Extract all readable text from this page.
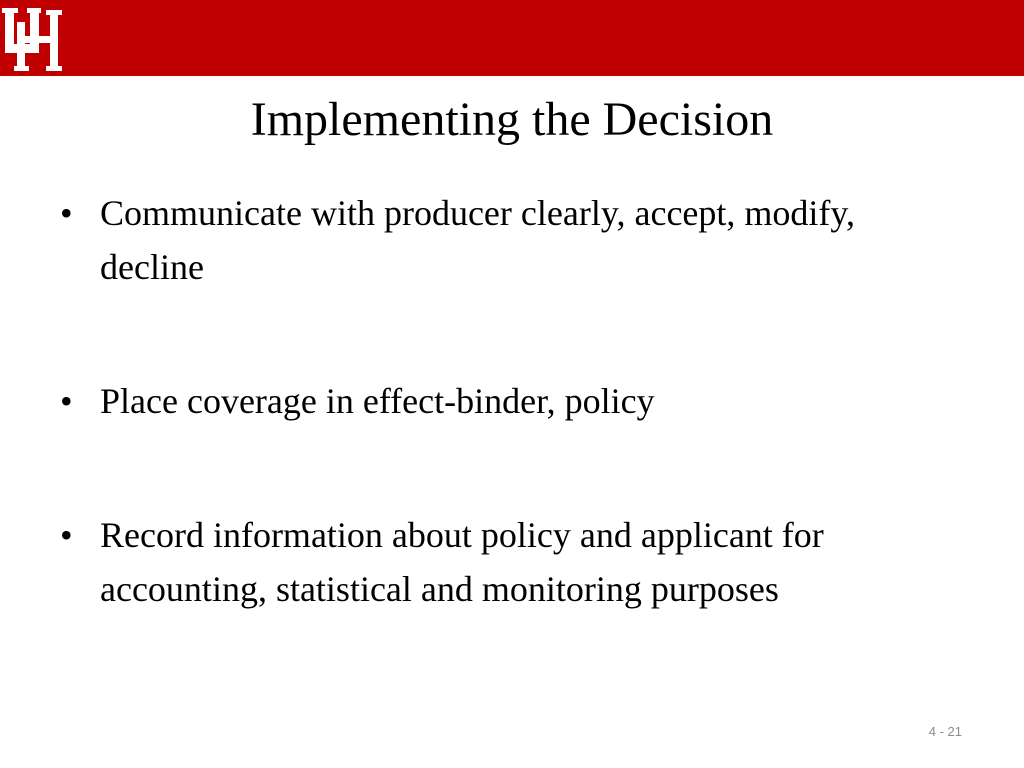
Implementing the Decision
• Communicate with producer clearly, accept, modify, decline
• Place coverage in effect-binder, policy
• Record information about policy and applicant for accounting, statistical and monitoring purposes
4 - 21
